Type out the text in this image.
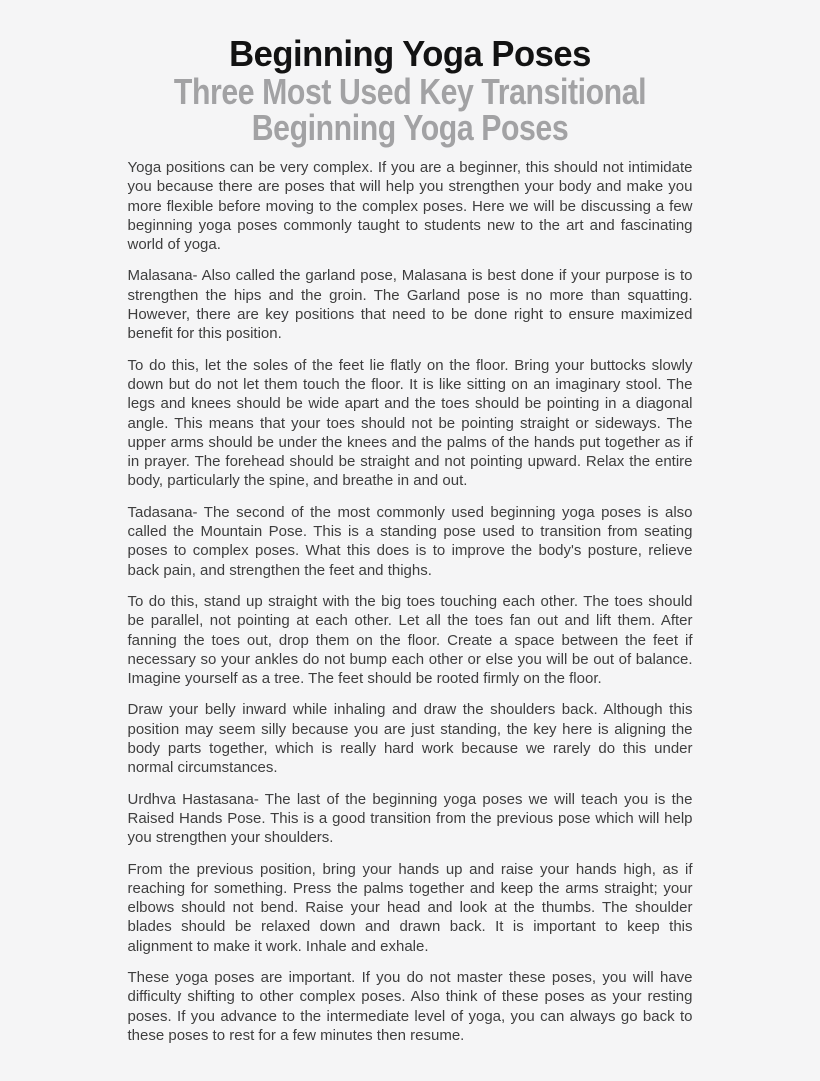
Beginning Yoga Poses
Three Most Used Key Transitional
Beginning Yoga Poses

Yoga positions can be very complex. If you are a beginner, this should not intimidate you because there are poses that will help you strengthen your body and make you more flexible before moving to the complex poses. Here we will be discussing a few beginning yoga poses commonly taught to students new to the art and fascinating world of yoga.

Malasana- Also called the garland pose, Malasana is best done if your purpose is to strengthen the hips and the groin. The Garland pose is no more than squatting. However, there are key positions that need to be done right to ensure maximized benefit for this position.

To do this, let the soles of the feet lie flatly on the floor. Bring your buttocks slowly down but do not let them touch the floor. It is like sitting on an imaginary stool. The legs and knees should be wide apart and the toes should be pointing in a diagonal angle. This means that your toes should not be pointing straight or sideways. The upper arms should be under the knees and the palms of the hands put together as if in prayer. The forehead should be straight and not pointing upward. Relax the entire body, particularly the spine, and breathe in and out.

Tadasana- The second of the most commonly used beginning yoga poses is also called the Mountain Pose. This is a standing pose used to transition from seating poses to complex poses. What this does is to improve the body's posture, relieve back pain, and strengthen the feet and thighs.

To do this, stand up straight with the big toes touching each other. The toes should be parallel, not pointing at each other. Let all the toes fan out and lift them. After fanning the toes out, drop them on the floor. Create a space between the feet if necessary so your ankles do not bump each other or else you will be out of balance. Imagine yourself as a tree. The feet should be rooted firmly on the floor.

Draw your belly inward while inhaling and draw the shoulders back. Although this position may seem silly because you are just standing, the key here is aligning the body parts together, which is really hard work because we rarely do this under normal circumstances.

Urdhva Hastasana- The last of the beginning yoga poses we will teach you is the Raised Hands Pose. This is a good transition from the previous pose which will help you strengthen your shoulders.

From the previous position, bring your hands up and raise your hands high, as if reaching for something. Press the palms together and keep the arms straight; your elbows should not bend. Raise your head and look at the thumbs. The shoulder blades should be relaxed down and drawn back. It is important to keep this alignment to make it work. Inhale and exhale.

These yoga poses are important. If you do not master these poses, you will have difficulty shifting to other complex poses. Also think of these poses as your resting poses. If you advance to the intermediate level of yoga, you can always go back to these poses to rest for a few minutes then resume.
